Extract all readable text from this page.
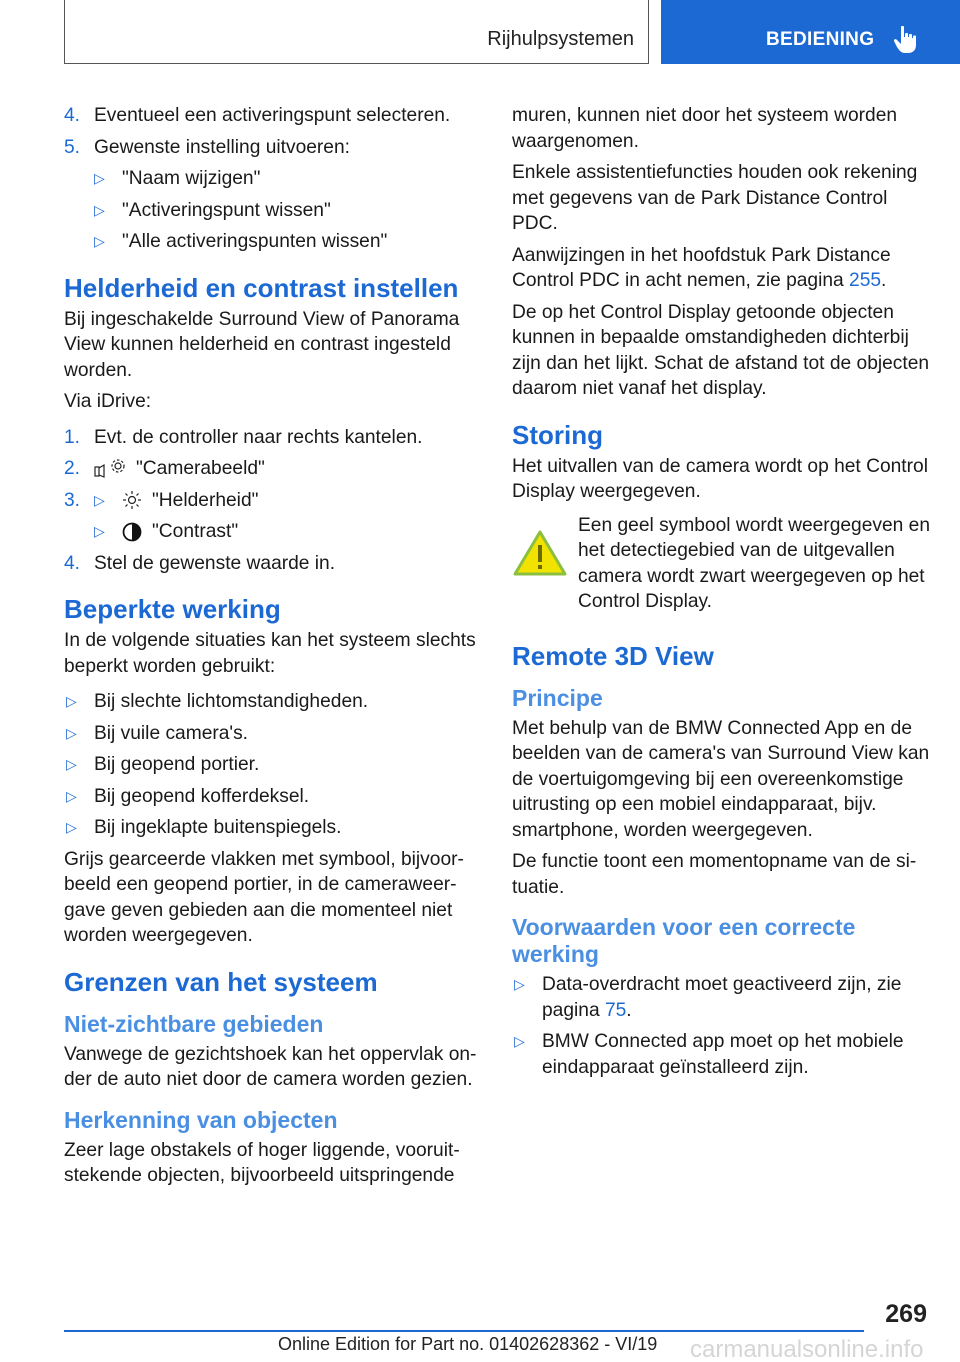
Rijhulpsystemen	BEDIENING
4. Eventueel een activeringspunt selecteren.
5. Gewenste instelling uitvoeren:
▷ "Naam wijzigen"
▷ "Activeringspunt wissen"
▷ "Alle activeringspunten wissen"
Helderheid en contrast instellen
Bij ingeschakelde Surround View of Panorama View kunnen helderheid en contrast ingesteld worden.
Via iDrive:
1. Evt. de controller naar rechts kantelen.
2.	"Camerabeeld"
3. ▷ "Helderheid"
▷ "Contrast"
4. Stel de gewenste waarde in.
Beperkte werking
In de volgende situaties kan het systeem slechts beperkt worden gebruikt:
▷ Bij slechte lichtomstandigheden.
▷ Bij vuile camera's.
▷ Bij geopend portier.
▷ Bij geopend kofferdeksel.
▷ Bij ingeklapte buitenspiegels.
Grijs gearceerde vlakken met symbool, bijvoor-beeld een geopend portier, in de cameraweer-gave geven gebieden aan die momenteel niet worden weergegeven.
Grenzen van het systeem
Niet-zichtbare gebieden
Vanwege de gezichtshoek kan het oppervlak on-der de auto niet door de camera worden gezien.
Herkenning van objecten
Zeer lage obstakels of hoger liggende, vooruit-stekende objecten, bijvoorbeeld uitspringende
muren, kunnen niet door het systeem worden waargenomen.
Enkele assistentiefuncties houden ook rekening met gegevens van de Park Distance Control PDC.
Aanwijzingen in het hoofdstuk Park Distance Control PDC in acht nemen, zie pagina 255.
De op het Control Display getoonde objecten kunnen in bepaalde omstandigheden dichterbij zijn dan het lijkt. Schat de afstand tot de objecten daarom niet vanaf het display.
Storing
Het uitvallen van de camera wordt op het Control Display weergegeven.
Een geel symbool wordt weergegeven en het detectiegebied van de uitgevallen camera wordt zwart weergegeven op het Control Display.
Remote 3D View
Principe
Met behulp van de BMW Connected App en de beelden van de camera's van Surround View kan de voertuigomgeving bij een overeenkomstige uitrusting op een mobiel eindapparaat, bijv. smartphone, worden weergegeven.
De functie toont een momentopname van de si-tuatie.
Voorwaarden voor een correcte werking
▷ Data-overdracht moet geactiveerd zijn, zie pagina 75.
▷ BMW Connected app moet op het mobiele eindapparaat geïnstalleerd zijn.
269
Online Edition for Part no. 01402628362 - VI/19 carmanualsonline.info
